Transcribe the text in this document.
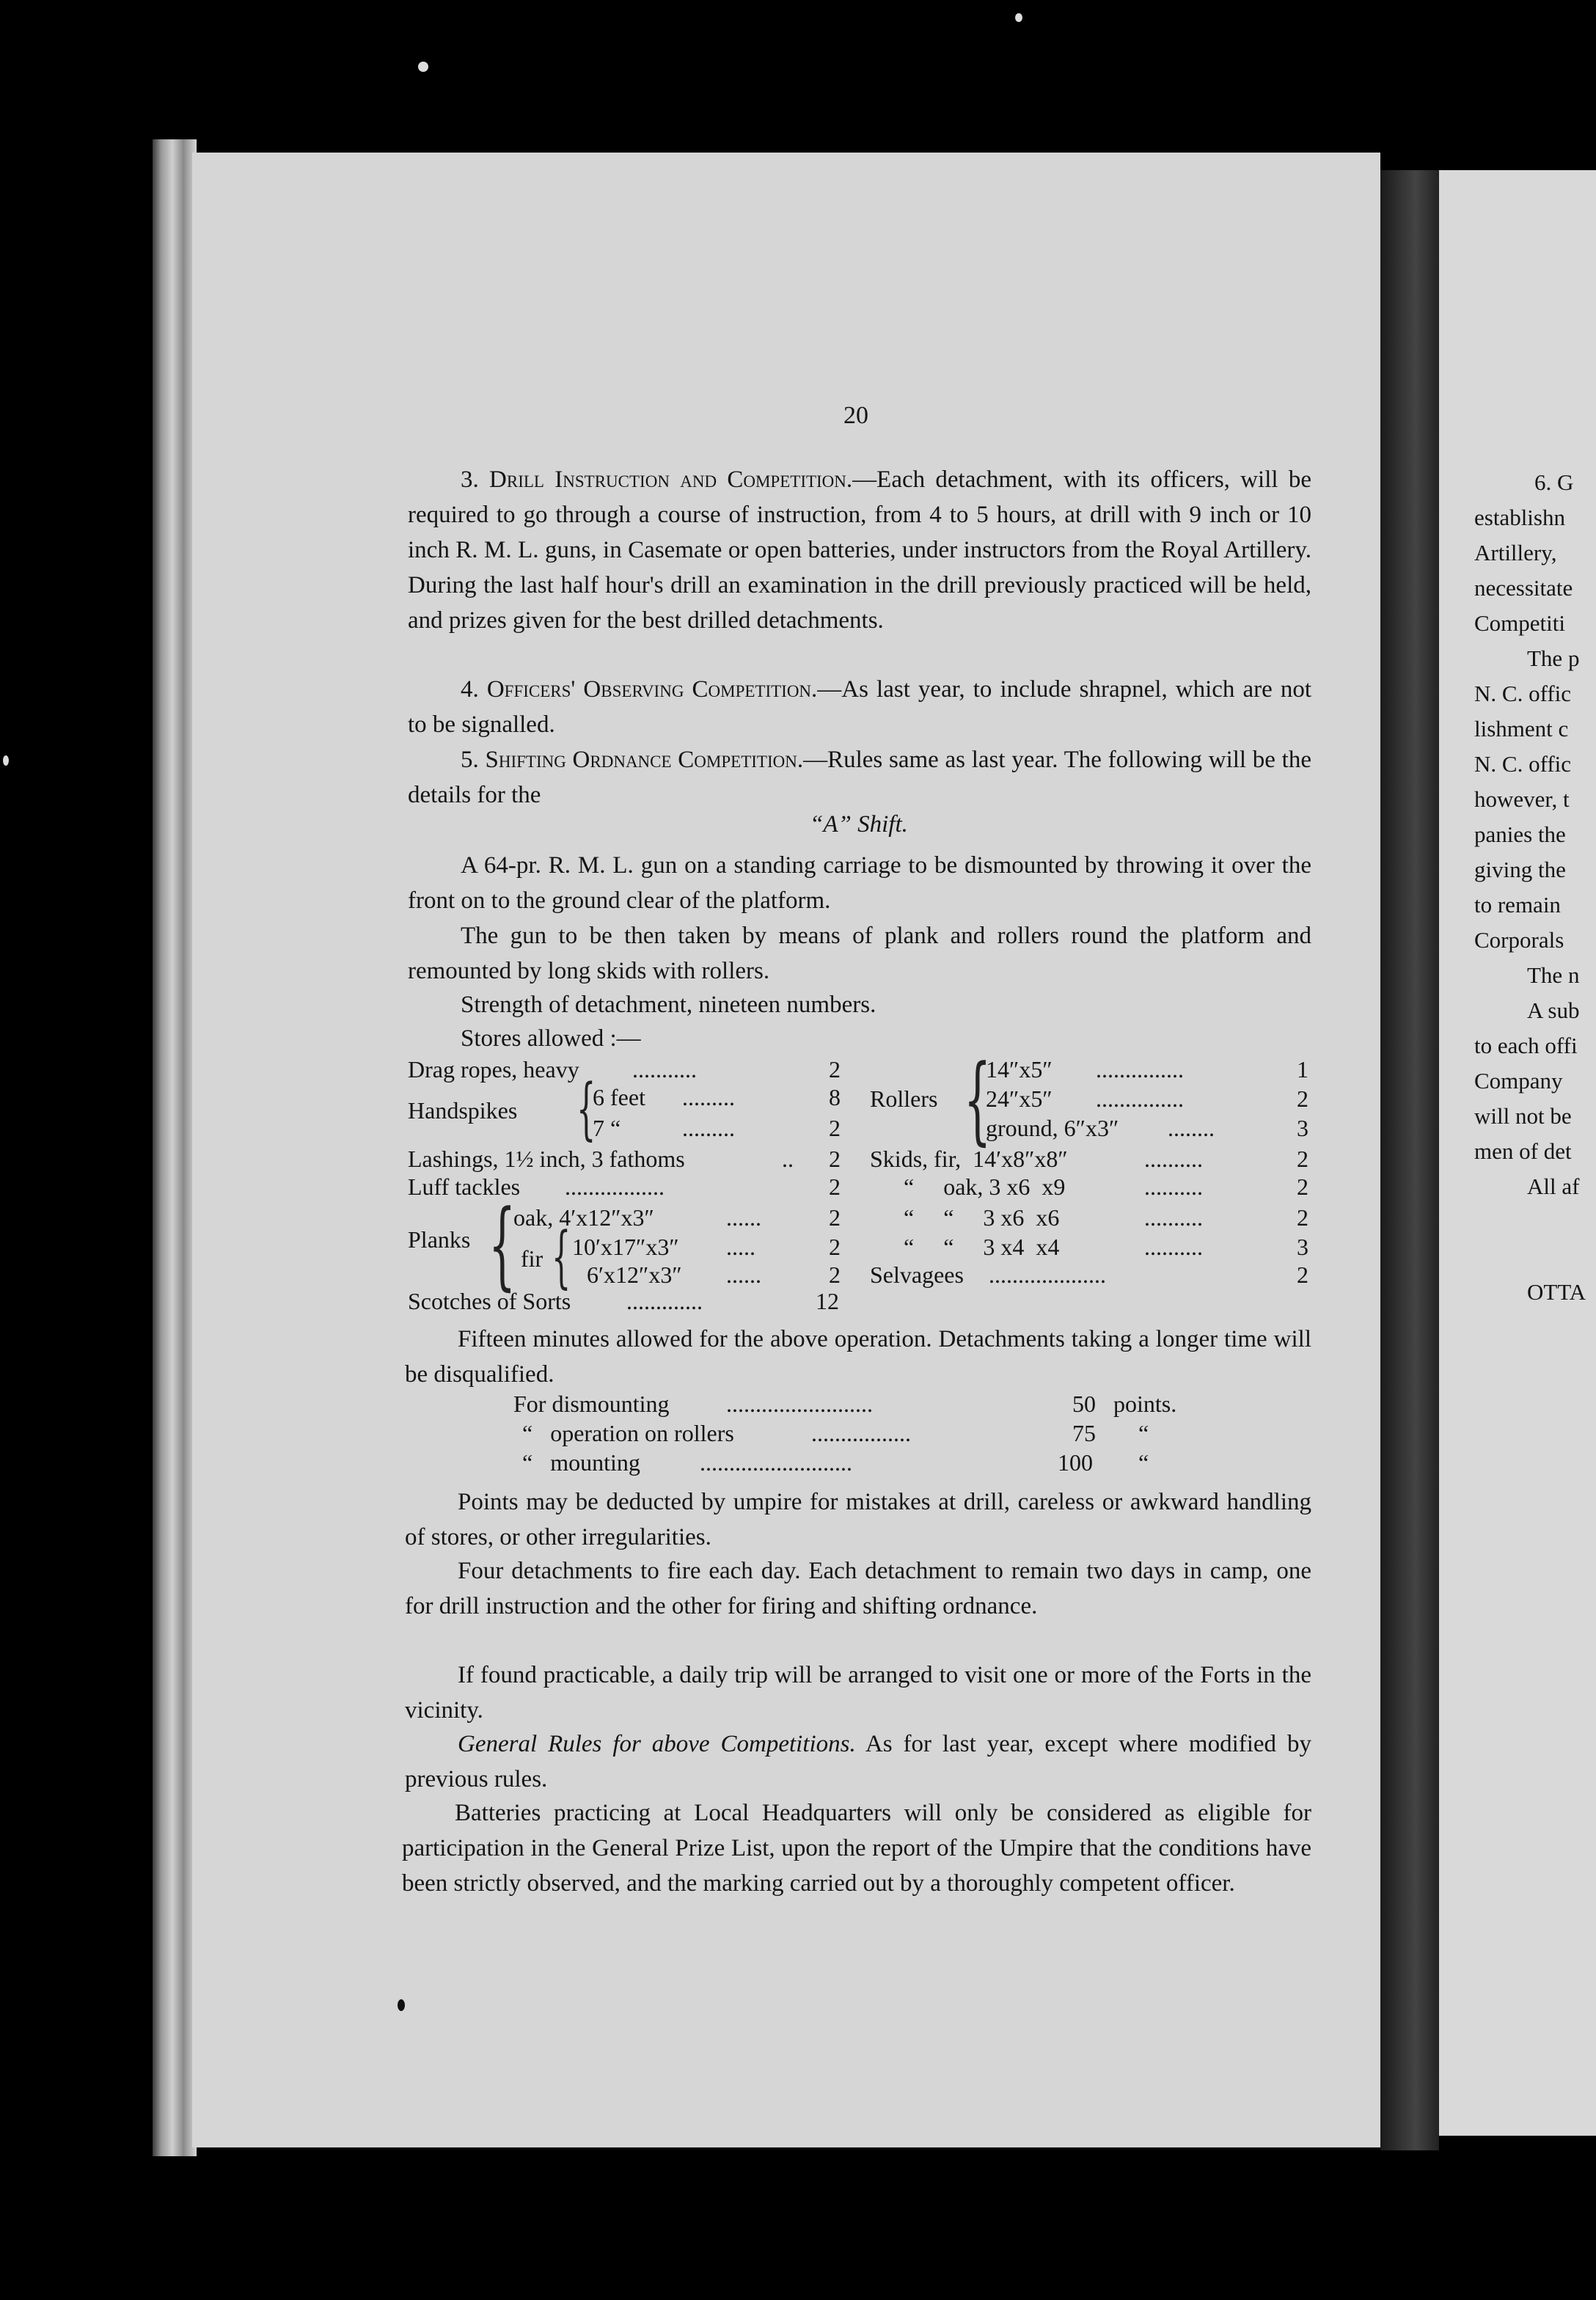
6. G
establishn
Artillery,
necessitate
Competiti
The p
N. C. offic
lishment c
N. C. offic
however, t
panies the
giving the
to remain
Corporals
The n
A sub
to each offi
Company
will not be
men of det
All af
OTTA
20
3. Drill Instruction and Competition.—Each detachment, with its officers, will be required to go through a course of instruction, from 4 to 5 hours, at drill with 9 inch or 10 inch R. M. L. guns, in Casemate or open batteries, under instructors from the Royal Artillery. During the last half hour's drill an examination in the drill previously practiced will be held, and prizes given for the best drilled detachments.
4. Officers' Observing Competition.—As last year, to include shrapnel, which are not to be signalled.
5. Shifting Ordnance Competition.—Rules same as last year. The following will be the details for the
“A” Shift.
A 64-pr. R. M. L. gun on a standing carriage to be dismounted by throwing it over the front on to the ground clear of the platform.
The gun to be then taken by means of plank and rollers round the platform and remounted by long skids with rollers.
Strength of detachment, nineteen numbers.
Stores allowed :—
Drag ropes, heavy ...........	2
Handspikes {
6 feet .........	8
7 “	.........	2
Lashings, 1½ inch, 3 fathoms	.. 2
Luff tackles .................	2
Planks {
oak, 4′x12″x3″	......	2
fir { 10′x17″x3″ .....	2
6′x12″x3″ ......	2
Scotches of Sorts .............	12
{
14″x5″ ...............	1
Rollers 24″x5″ ...............	2
ground, 6″x3″ ........	3
Skids, fir,  14′x8″x8″	..........	2
“     oak, 3 x6  x9	..........	2
“     “     3 x6  x6	..........	2
“     “     3 x4  x4	..........	3
Selvagees ....................	2
Fifteen minutes allowed for the above operation. Detachments taking a longer time will be disqualified.
For dismounting .........................	50 points.
“   operation on rollers	.................	75 “
“   mounting	..........................	100 “
Points may be deducted by umpire for mistakes at drill, careless or awkward handling of stores, or other irregularities.
Four detachments to fire each day. Each detachment to remain two days in camp, one for drill instruction and the other for firing and shifting ordnance.
If found practicable, a daily trip will be arranged to visit one or more of the Forts in the vicinity.
General Rules for above Competitions. As for last year, except where modified by previous rules.
Batteries practicing at Local Headquarters will only be considered as eligible for participation in the General Prize List, upon the report of the Umpire that the conditions have been strictly observed, and the marking carried out by a thoroughly competent officer.
